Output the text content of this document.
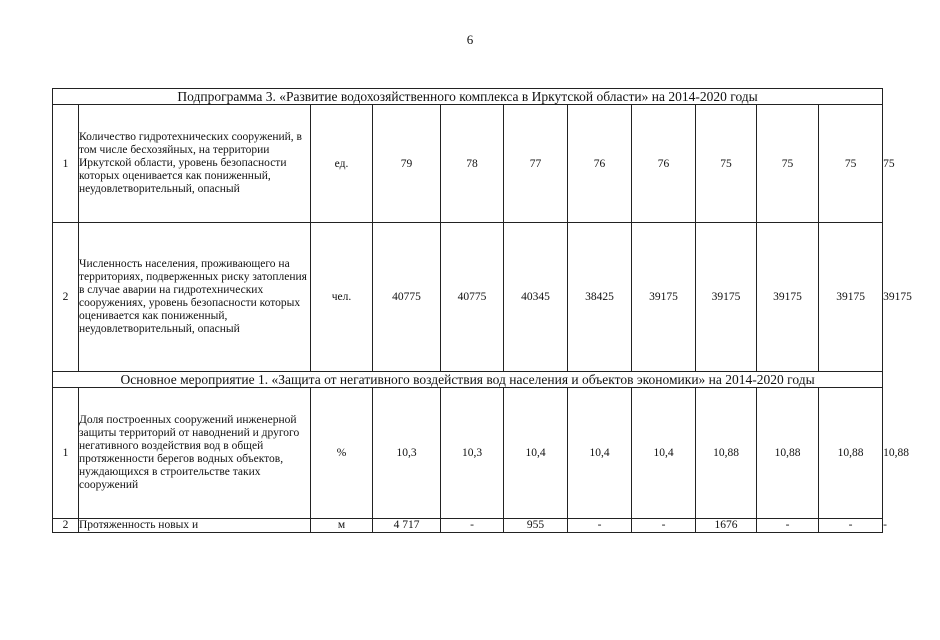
6
Подпрограмма 3. «Развитие водохозяйственного комплекса в Иркутской области» на 2014-2020 годы											
1	Количество гидротехнических сооружений, в том числе бесхозяйных, на территории Иркутской области, уровень безопасности которых оценивается как пониженный, неудовлетворительный, опасный	ед.	79	78	77	76	76	75	75	75	75
2	Численность населения, проживающего на территориях, подверженных риску затопления в случае аварии на гидротехнических сооружениях, уровень безопасности которых оценивается как пониженный, неудовлетворительный, опасный	чел.	40775	40775	40345	38425	39175	39175	39175	39175	39175
Основное мероприятие 1. «Защита от негативного воздействия вод населения и объектов экономики» на 2014-2020 годы											
1	Доля построенных сооружений инженерной защиты территорий от наводнений и другого негативного воздействия вод в общей протяженности берегов водных объектов, нуждающихся в строительстве таких сооружений	%	10,3	10,3	10,4	10,4	10,4	10,88	10,88	10,88	10,88
2	Протяженность новых и	м	4 717	-	955	-	-	1676	-	-	-
